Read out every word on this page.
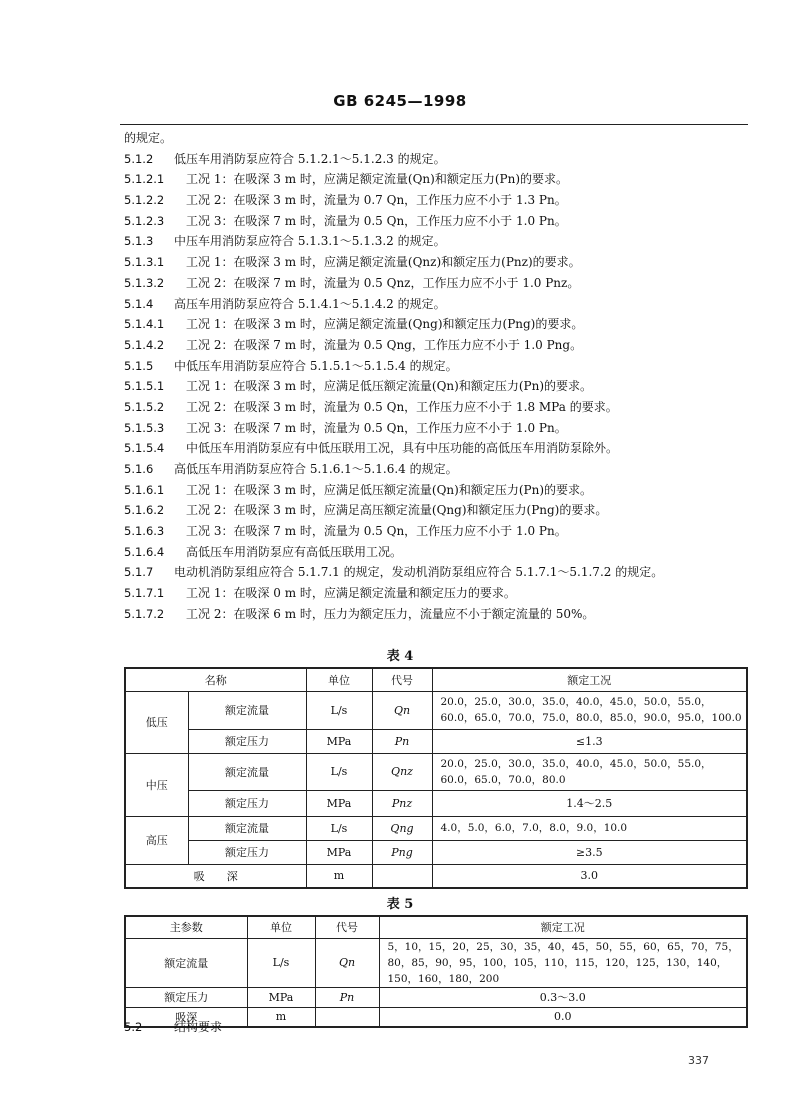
GB 6245—1998
的规定。
5.1.2 低压车用消防泵应符合 5.1.2.1～5.1.2.3 的规定。
5.1.2.1 工况 1：在吸深 3 m 时，应满足额定流量(Qn)和额定压力(Pn)的要求。
5.1.2.2 工况 2：在吸深 3 m 时，流量为 0.7 Qn，工作压力应不小于 1.3 Pn。
5.1.2.3 工况 3：在吸深 7 m 时，流量为 0.5 Qn，工作压力应不小于 1.0 Pn。
5.1.3 中压车用消防泵应符合 5.1.3.1～5.1.3.2 的规定。
5.1.3.1 工况 1：在吸深 3 m 时，应满足额定流量(Qnz)和额定压力(Pnz)的要求。
5.1.3.2 工况 2：在吸深 7 m 时，流量为 0.5 Qnz，工作压力应不小于 1.0 Pnz。
5.1.4 高压车用消防泵应符合 5.1.4.1～5.1.4.2 的规定。
5.1.4.1 工况 1：在吸深 3 m 时，应满足额定流量(Qng)和额定压力(Png)的要求。
5.1.4.2 工况 2：在吸深 7 m 时，流量为 0.5 Qng，工作压力应不小于 1.0 Png。
5.1.5 中低压车用消防泵应符合 5.1.5.1～5.1.5.4 的规定。
5.1.5.1 工况 1：在吸深 3 m 时，应满足低压额定流量(Qn)和额定压力(Pn)的要求。
5.1.5.2 工况 2：在吸深 3 m 时，流量为 0.5 Qn，工作压力应不小于 1.8 MPa 的要求。
5.1.5.3 工况 3：在吸深 7 m 时，流量为 0.5 Qn，工作压力应不小于 1.0 Pn。
5.1.5.4 中低压车用消防泵应有中低压联用工况，具有中压功能的高低压车用消防泵除外。
5.1.6 高低压车用消防泵应符合 5.1.6.1～5.1.6.4 的规定。
5.1.6.1 工况 1：在吸深 3 m 时，应满足低压额定流量(Qn)和额定压力(Pn)的要求。
5.1.6.2 工况 2：在吸深 3 m 时，应满足高压额定流量(Qng)和额定压力(Png)的要求。
5.1.6.3 工况 3：在吸深 7 m 时，流量为 0.5 Qn，工作压力应不小于 1.0 Pn。
5.1.6.4 高低压车用消防泵应有高低压联用工况。
5.1.7 电动机消防泵组应符合 5.1.7.1 的规定，发动机消防泵组应符合 5.1.7.1～5.1.7.2 的规定。
5.1.7.1 工况 1：在吸深 0 m 时，应满足额定流量和额定压力的要求。
5.1.7.2 工况 2：在吸深 6 m 时，压力为额定压力，流量应不小于额定流量的 50%。
表 4
名称		单位	代号	额定工况
低压	额定流量	L/s	Qn	20.0，25.0，30.0，35.0，40.0，45.0，50.0，55.0，60.0，65.0，70.0，75.0，80.0，85.0，90.0，95.0，100.0
	额定压力	MPa	Pn	≤1.3
中压	额定流量	L/s	Qnz	20.0，25.0，30.0，35.0，40.0，45.0，50.0，55.0，60.0，65.0，70.0，80.0
	额定压力	MPa	Pnz	1.4～2.5
高压	额定流量	L/s	Qng	4.0，5.0，6.0，7.0，8.0，9.0，10.0
	额定压力	MPa	Png	≥3.5
吸　　深		m		3.0
表 5
主参数	单位	代号	额定工况
额定流量	L/s	Qn	5，10，15，20，25，30，35，40，45，50，55，60，65，70，75，80，85，90，95，100，105，110，115，120，125，130，140，150，160，180，200
额定压力	MPa	Pn	0.3～3.0
吸深	m		0.0
5.2	结构要求
337
